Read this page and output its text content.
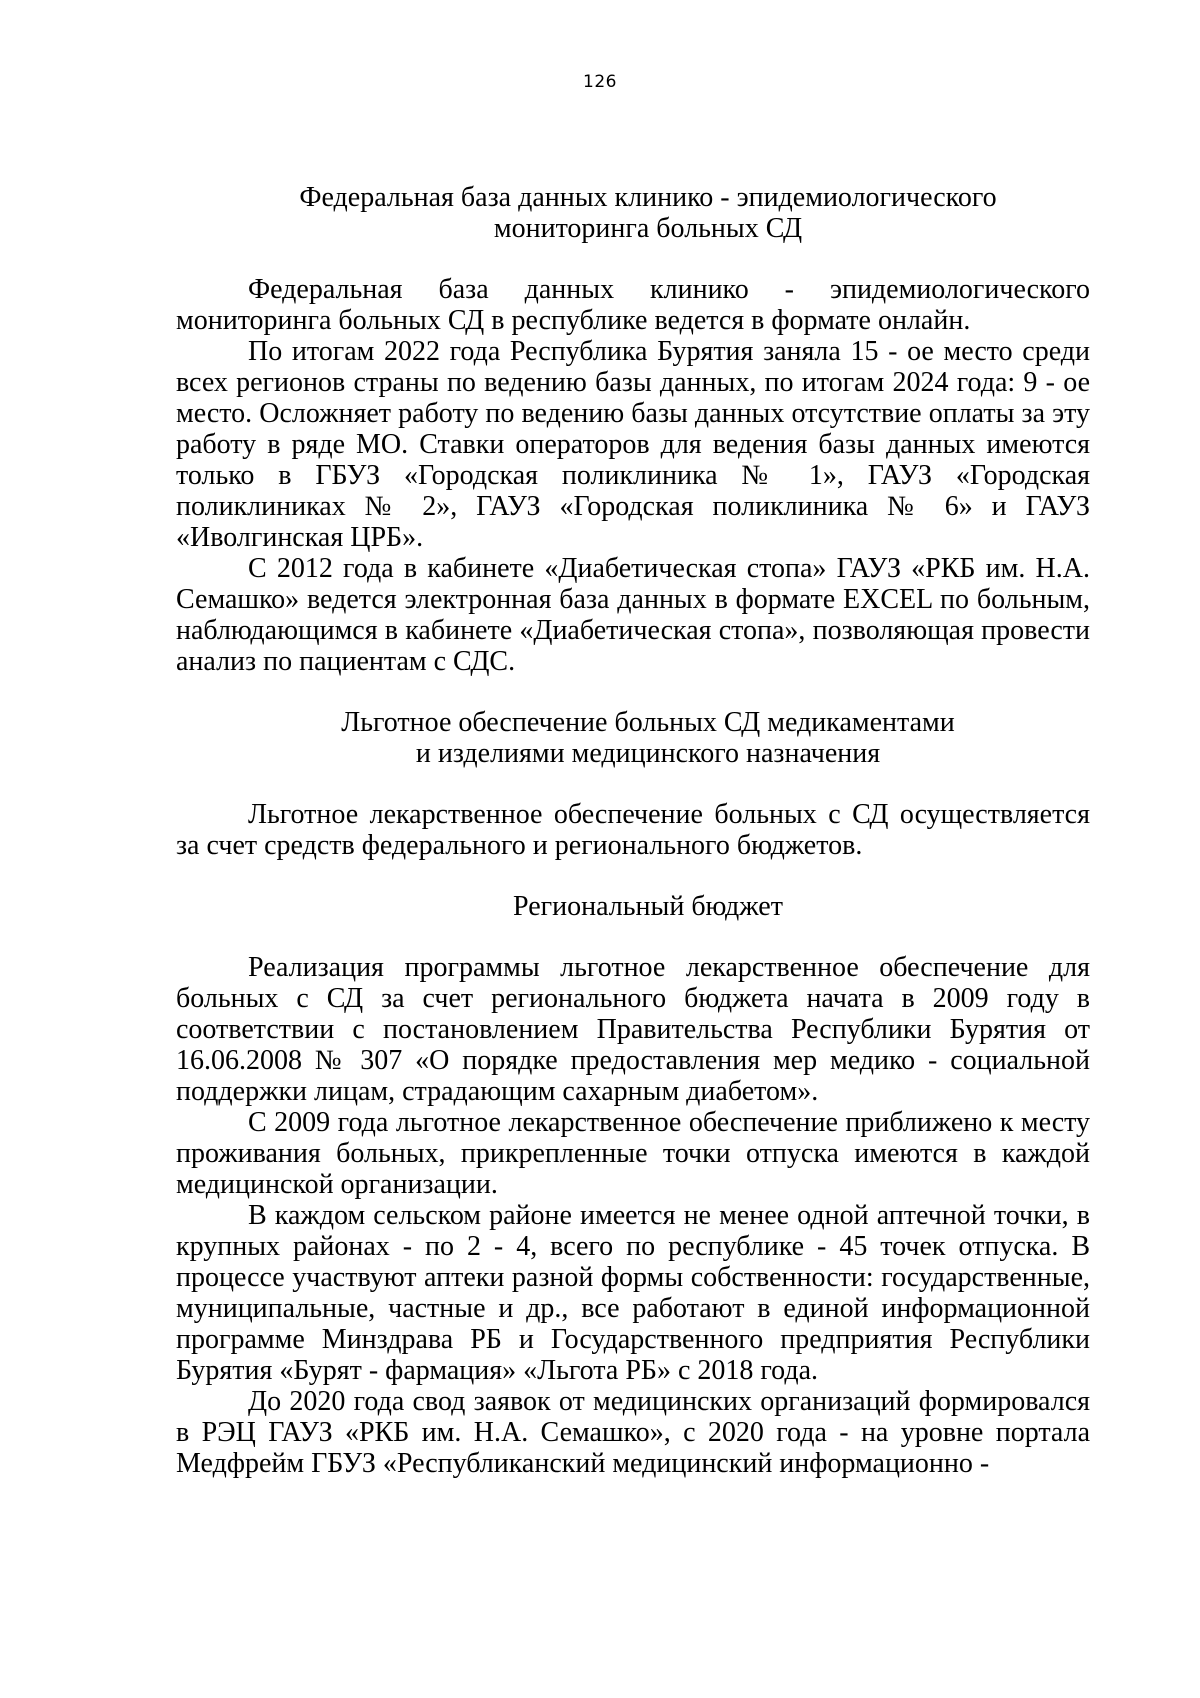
126
Федеральная база данных клинико - эпидемиологического
мониторинга больных СД

Федеральная база данных клинико - эпидемиологического мониторинга больных СД в республике ведется в формате онлайн.

По итогам 2022 года Республика Бурятия заняла 15 - ое место среди всех регионов страны по ведению базы данных, по итогам 2024 года: 9 - ое место. Осложняет работу по ведению базы данных отсутствие оплаты за эту работу в ряде МО. Ставки операторов для ведения базы данных имеются только в ГБУЗ «Городская поликлиника № 1», ГАУЗ «Городская поликлиниках № 2», ГАУЗ «Городская поликлиника № 6» и ГАУЗ «Иволгинская ЦРБ».

С 2012 года в кабинете «Диабетическая стопа» ГАУЗ «РКБ им. Н.А. Семашко» ведется электронная база данных в формате EXCEL по больным, наблюдающимся в кабинете «Диабетическая стопа», позволяющая провести анализ по пациентам с СДС.

Льготное обеспечение больных СД медикаментами
и изделиями медицинского назначения

Льготное лекарственное обеспечение больных с СД осуществляется за счет средств федерального и регионального бюджетов.

Региональный бюджет

Реализация программы льготное лекарственное обеспечение для больных с СД за счет регионального бюджета начата в 2009 году в соответствии с постановлением Правительства Республики Бурятия от 16.06.2008 № 307 «О порядке предоставления мер медико - социальной поддержки лицам, страдающим сахарным диабетом».

С 2009 года льготное лекарственное обеспечение приближено к месту проживания больных, прикрепленные точки отпуска имеются в каждой медицинской организации.

В каждом сельском районе имеется не менее одной аптечной точки, в крупных районах - по 2 - 4, всего по республике - 45 точек отпуска. В процессе участвуют аптеки разной формы собственности: государственные, муниципальные, частные и др., все работают в единой информационной программе Минздрава РБ и Государственного предприятия Республики Бурятия «Бурят - фармация» «Льгота РБ» с 2018 года.

До 2020 года свод заявок от медицинских организаций формировался в РЭЦ ГАУЗ «РКБ им. Н.А. Семашко», с 2020 года - на уровне портала Медфрейм ГБУЗ «Республиканский медицинский информационно -
